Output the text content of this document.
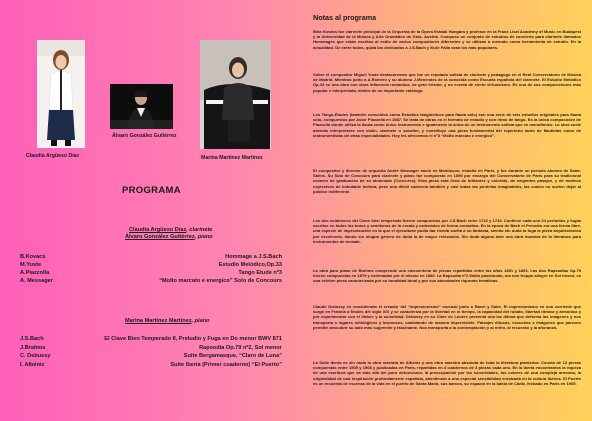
Claudia Argüeso Díaz
Álvaro González Gutiérrez
Marina Martínez Martínez
PROGRAMA
Claudia Argüeso Díaz, clarinete
Álvaro González Gutiérrez, piano
B.Kovacs	Hommage a J.S.Bach
M.Yuste	Estudio Melódico,Op.33
A.Piazzolla	Tango Etude nº3
A. Messager	“Molto marcato e energico” Solo de Concours
Marina Martínez Martínez, piano
J.S.Bach	El Clave Bien Temperado II, Preludio y Fuga en Do menor BWV 871
J.Brahms	Rapsodia Op.79 nº2, Sol menor
C. Debussy	Suite Bergamasque, “Claro de Luna”
I. Albéniz	Suite Iberia (Primer cuaderno) “El Puerto”
Notas al programa
Béla Kovács fue clarinete principal de la Orquesta de la Ópera Estatal Húngara y profesor en la Franz Liszt Academy of Music en Budapest y la Universidad de la Música y Arte Dramático de Graz, Austria. Compuso un conjunto de estudios de concierto para clarinete llamados Hommages que están escritos al estilo de varios compositores diferentes y se utilizan a menudo como herramienta de estudio. En la actualidad. De entre todos, quizá los dedicados a J.S.Bach y M.de Falla sean los más populares.
Sobre el compositor Miguel Yuste destacaremos que fue un reputado solista de clarinete y pedagogo en el Real Conservatorio de Música de Madrid. Mientras junto a A.Romero y su alumno J.Menéndez de la conocida como Escuela española del clarinete. El Estudio Melódico Op.33 es una obra con clara influencia romántica, de gran lirismo, y no exenta de cierto virtuosismo. Es una de sus composiciones más popular e interpretada, dentro de un importante catálogo.
Los Tango-Études (también conocidos como Estudios tangüísticos para flauta solo) son una serie de seis estudios originales para flauta solo, compuestos por Astor Piazzolla en 1987. Se trata de obras en el formato de estudio y con ritmo de tango. Es la única composición de Piazzolla donde utiliza la flauta como único instrumento e igualmente la única de un instrumento solista que es monofónico. La obra suele además interpretarse con violín, clarinete o saxofón, y constituye una pieza fundamental del repertorio tanto de flautistas como de instrumentistas de otras especialidades. Hoy les ofrecemos el nº3 “Molto marcato e energico”.
El compositor y director de orquesta André Messager nació en Montluçon, estudió en París, y fue durante un periodo alumno de Saint-Saëns. Su Solo de Concours para clarinete y piano fue compuesto en 1899 por encargo del Conservatorio de París para su tradicional examen de graduación de su alumnado (Concurso). Esta pieza está llena de brillantez y colorido, de exigentes pasajes, y de motivos expresivos de indudable belleza, pese una difícil cadencia también y casi todas las piruletas imaginables, las cuales no suelen dejar al público indiferente.
Los dos volúmenes del Clave bien temperado fueron compuestos por J.S.Bach entre 1722 y 1744. Contiene cada uno 24 preludios y fugas escritos en todos los tonos y semitonos de la escala y ordenados de forma cromática. En la época de Bach el Preludio era una forma libre, una especie de improvisación en la que el ejecutante podía dar rienda suelta a su fantasía, siendo sin duda la fuga la pieza arquitectónica por excelencia, dando sin ningún género de duda la de mayor relevancia. Sin duda alguna ante una obra maestra de la literatura para instrumentos de teclado.
La obra para piano de Brahms comprende una cincuentena de piezas repartidas entre los años 1851 y 1893. Las dos Rapsodias Op.79 fueron compuestas en 1879 y estrenadas por él mismo en 1880. La Rapsodia nº2 Molto passionato, ma non troppo allegro en Sol menor, es una célebre pieza caracterizada por su tonalidad tonal y por sus abundantes riquezas temáticas.
Claude Debussy es considerado el creador del “impresionismo” musical junto a Ravel y Satie. El impresionismo es una corriente que surge en Francia a finales del siglo XIX y se caracteriza por la libertad en el tiempo, la capacidad del rubato, libertad rítmica y armónica y por experimentar con el timbre y la sonoridad. Debussy en su Clare de Lunere presenta una luz difusa que deforma las imágenes y nos transporta a lugares mitológicos y brumosos, cambiando de manera imprevisible. Paisajes difusos, escuchas e imágenes que parecen permitir descubrir su lado más sugerente y fascinante. Nos transporta a la contemplación y al retiro, al recuerdo y la añoranza.
La Suite Iberia es sin duda la obra maestra de Albéniz y una obra maestra absoluta de toda la literatura pianística. Consta de 12 piezas compuestas entre 1905 y 1908 y publicadas en París, repartidas en 4 cuadernos de 3 piezas cada uno. En la Iberia encontramos la riqueza de una escritura que va más allá del puro virtuosismo, la preocupación por las sonoridades, los colores de una compleja armonía, la originalidad de una inspiración profundamente española, atendiendo a una especial sensibilidad enraizada en la cultura ibérica. El Puerto es un recuerdo de escenas de la vida en el puerto de Santa María, sus barcos, su espacio en la bahía de Cádiz, fechado en París en 1905.
